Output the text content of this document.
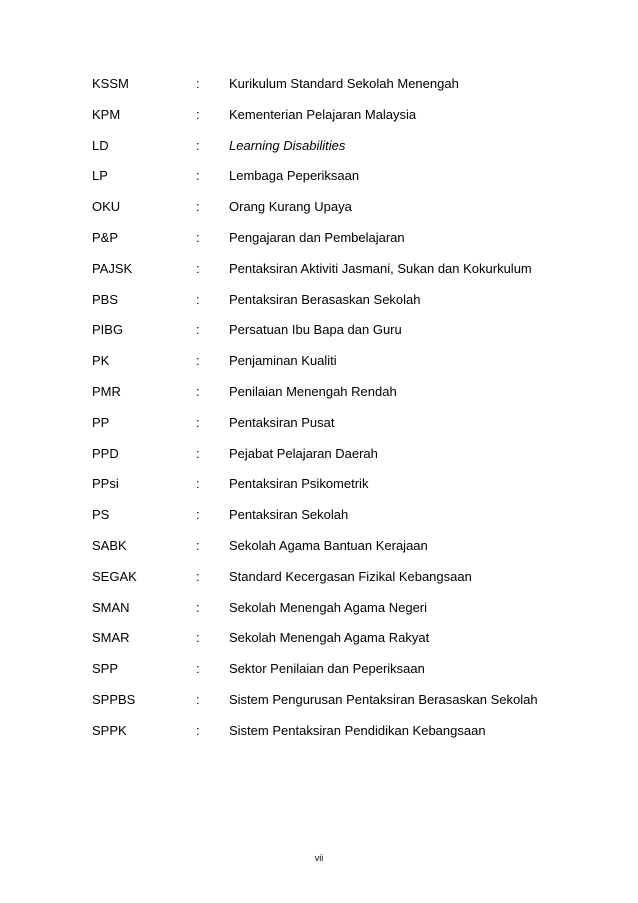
KSSM	: Kurikulum Standard Sekolah Menengah
KPM	: Kementerian Pelajaran Malaysia
LD	: Learning Disabilities
LP	: Lembaga Peperiksaan
OKU	: Orang Kurang Upaya
P&P	: Pengajaran dan Pembelajaran
PAJSK	: Pentaksiran Aktiviti Jasmani, Sukan dan Kokurkulum
PBS	: Pentaksiran Berasaskan Sekolah
PIBG	: Persatuan Ibu Bapa dan Guru
PK	: Penjaminan Kualiti
PMR	: Penilaian Menengah Rendah
PP	: Pentaksiran Pusat
PPD	: Pejabat Pelajaran Daerah
PPsi	: Pentaksiran Psikometrik
PS	: Pentaksiran Sekolah
SABK	: Sekolah Agama Bantuan Kerajaan
SEGAK	: Standard Kecergasan Fizikal Kebangsaan
SMAN	: Sekolah Menengah Agama Negeri
SMAR	: Sekolah Menengah Agama Rakyat
SPP	: Sektor Penilaian dan Peperiksaan
SPPBS	: Sistem Pengurusan Pentaksiran Berasaskan Sekolah
SPPK	: Sistem Pentaksiran Pendidikan Kebangsaan
vii
